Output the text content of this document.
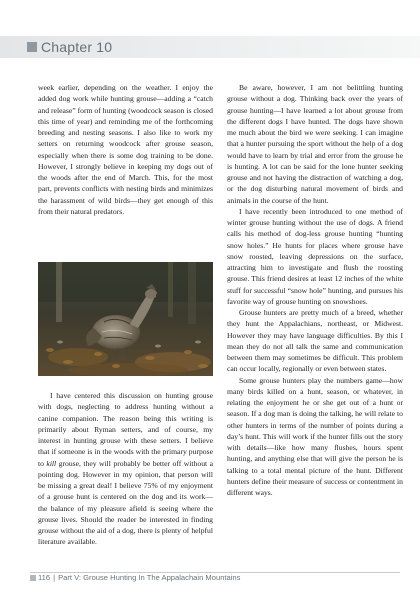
Chapter 10

week earlier, depending on the weather. I enjoy the added dog work while hunting grouse—adding a “catch and release” form of hunting (woodcock season is closed this time of year) and reminding me of the forthcoming breeding and nesting seasons. I also like to work my setters on returning woodcock after grouse season, especially when there is some dog training to be done. However, I strongly believe in keeping my dogs out of the woods after the end of March. This, for the most part, prevents conflicts with nesting birds and minimizes the harassment of wild birds—they get enough of this from their natural predators.

I have centered this discussion on hunting grouse with dogs, neglecting to address hunting without a canine companion. The reason being this writing is primarily about Ryman setters, and of course, my interest in hunting grouse with these setters. I believe that if someone is in the woods with the primary purpose to kill grouse, they will probably be better off without a pointing dog. However in my opinion, that person will be missing a great deal! I believe 75% of my enjoyment of a grouse hunt is centered on the dog and its work—the balance of my pleasure afield is seeing where the grouse lives. Should the reader be interested in finding grouse without the aid of a dog, there is plenty of helpful literature available.

Be aware, however, I am not belittling hunting grouse without a dog. Thinking back over the years of grouse hunting—I have learned a lot about grouse from the different dogs I have hunted. The dogs have shown me much about the bird we were seeking. I can imagine that a hunter pursuing the sport without the help of a dog would have to learn by trial and error from the grouse he is hunting. A lot can be said for the lone hunter seeking grouse and not having the distraction of watching a dog, or the dog disturbing natural movement of birds and animals in the course of the hunt.

I have recently been introduced to one method of winter grouse hunting without the use of dogs. A friend calls his method of dog-less grouse hunting “hunting snow holes.” He hunts for places where grouse have snow roosted, leaving depressions on the surface, attracting him to investigate and flush the roosting grouse. This friend desires at least 12 inches of the white stuff for successful “snow hole” hunting, and pursues his favorite way of grouse hunting on snowshoes.

Grouse hunters are pretty much of a breed, whether they hunt the Appalachians, northeast, or Midwest. However they may have language difficulties. By this I mean they do not all talk the same and communication between them may sometimes be difficult. This problem can occur locally, regionally or even between states.

Some grouse hunters play the numbers game—how many birds killed on a hunt, season, or whatever, in relating the enjoyment he or she get out of a hunt or season. If a dog man is doing the talking, he will relate to other hunters in terms of the number of points during a day’s hunt. This will work if the hunter fills out the story with details—like how many flushes, hours spent hunting, and anything else that will give the person he is talking to a total mental picture of the hunt. Different hunters define their measure of success or contentment in different ways.

116 | Part V: Grouse Hunting In The Appalachain Mountains
